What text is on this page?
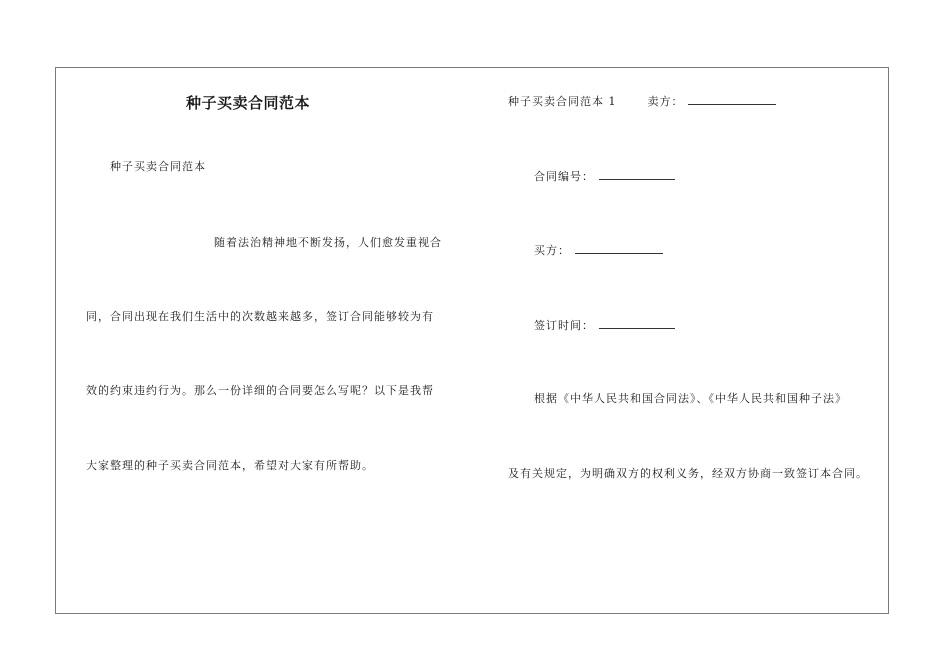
种子买卖合同范本
种子买卖合同范本
随着法治精神地不断发扬，人们愈发重视合
同，合同出现在我们生活中的次数越来越多，签订合同能够较为有
效的约束违约行为。那么一份详细的合同要怎么写呢？以下是我帮
大家整理的种子买卖合同范本，希望对大家有所帮助。
种子买卖合同范本 1	卖方：
合同编号：
买方：
签订时间：
根据《中华人民共和国合同法》、《中华人民共和国种子法》
及有关规定，为明确双方的权利义务，经双方协商一致签订本合同。
